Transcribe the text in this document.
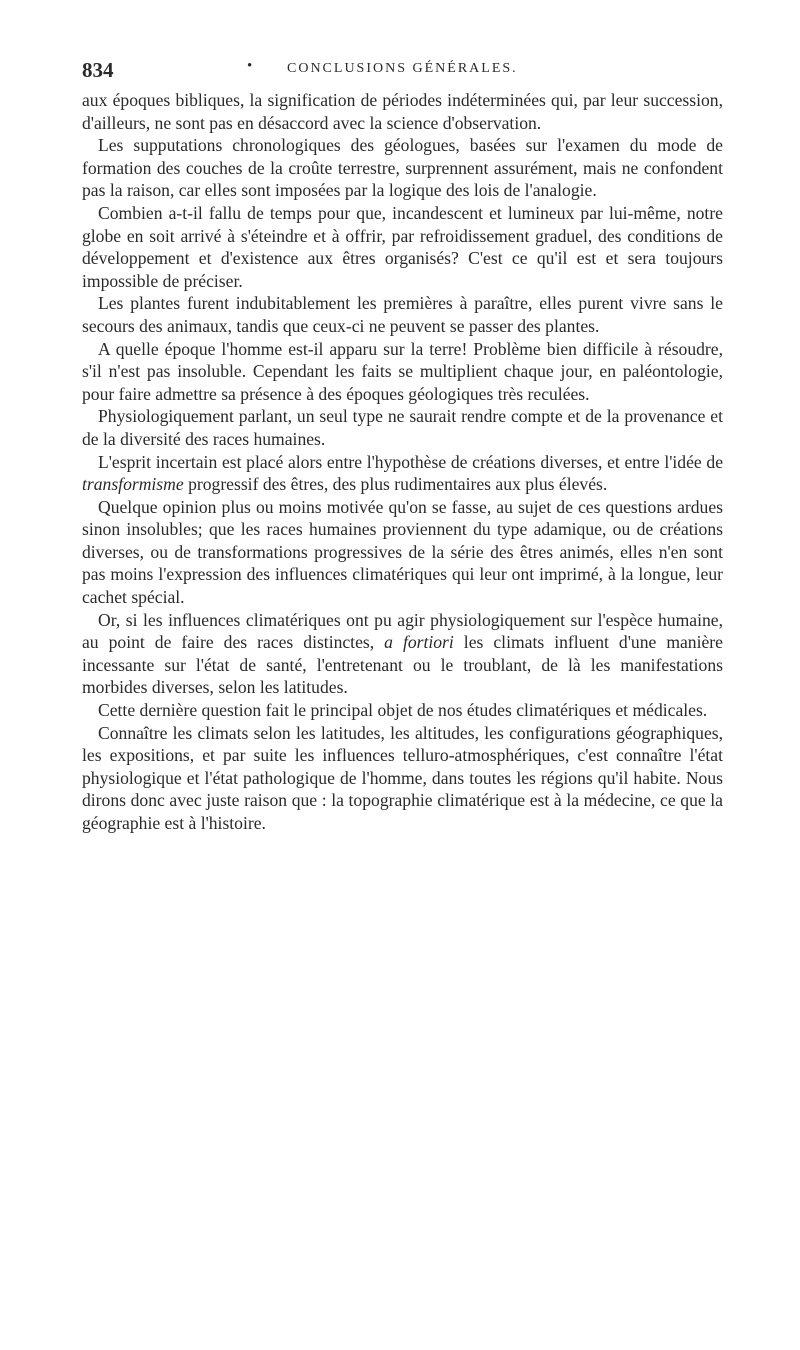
834	• CONCLUSIONS GÉNÉRALES.

aux époques bibliques, la signification de périodes indéterminées qui, par leur succession, d'ailleurs, ne sont pas en désaccord avec la science d'observation.

Les supputations chronologiques des géologues, basées sur l'examen du mode de formation des couches de la croûte terrestre, surprennent assurément, mais ne confondent pas la raison, car elles sont imposées par la logique des lois de l'analogie.

Combien a-t-il fallu de temps pour que, incandescent et lumineux par lui-même, notre globe en soit arrivé à s'éteindre et à offrir, par refroidissement graduel, des conditions de développement et d'existence aux êtres organisés? C'est ce qu'il est et sera toujours impossible de préciser.

Les plantes furent indubitablement les premières à paraître, elles purent vivre sans le secours des animaux, tandis que ceux-ci ne peuvent se passer des plantes.

A quelle époque l'homme est-il apparu sur la terre! Problème bien difficile à résoudre, s'il n'est pas insoluble. Cependant les faits se multiplient chaque jour, en paléontologie, pour faire admettre sa présence à des époques géologiques très reculées.

Physiologiquement parlant, un seul type ne saurait rendre compte et de la provenance et de la diversité des races humaines.

L'esprit incertain est placé alors entre l'hypothèse de créations diverses, et entre l'idée de transformisme progressif des êtres, des plus rudimentaires aux plus élevés.

Quelque opinion plus ou moins motivée qu'on se fasse, au sujet de ces questions ardues sinon insolubles; que les races humaines proviennent du type adamique, ou de créations diverses, ou de transformations progressives de la série des êtres animés, elles n'en sont pas moins l'expression des influences climatériques qui leur ont imprimé, à la longue, leur cachet spécial.

Or, si les influences climatériques ont pu agir physiologiquement sur l'espèce humaine, au point de faire des races distinctes, a fortiori les climats influent d'une manière incessante sur l'état de santé, l'entretenant ou le troublant, de là les manifestations morbides diverses, selon les latitudes.

Cette dernière question fait le principal objet de nos études climatériques et médicales.

Connaître les climats selon les latitudes, les altitudes, les configurations géographiques, les expositions, et par suite les influences telluro-atmosphériques, c'est connaître l'état physiologique et l'état pathologique de l'homme, dans toutes les régions qu'il habite. Nous dirons donc avec juste raison que : la topographie climatérique est à la médecine, ce que la géographie est à l'histoire.
